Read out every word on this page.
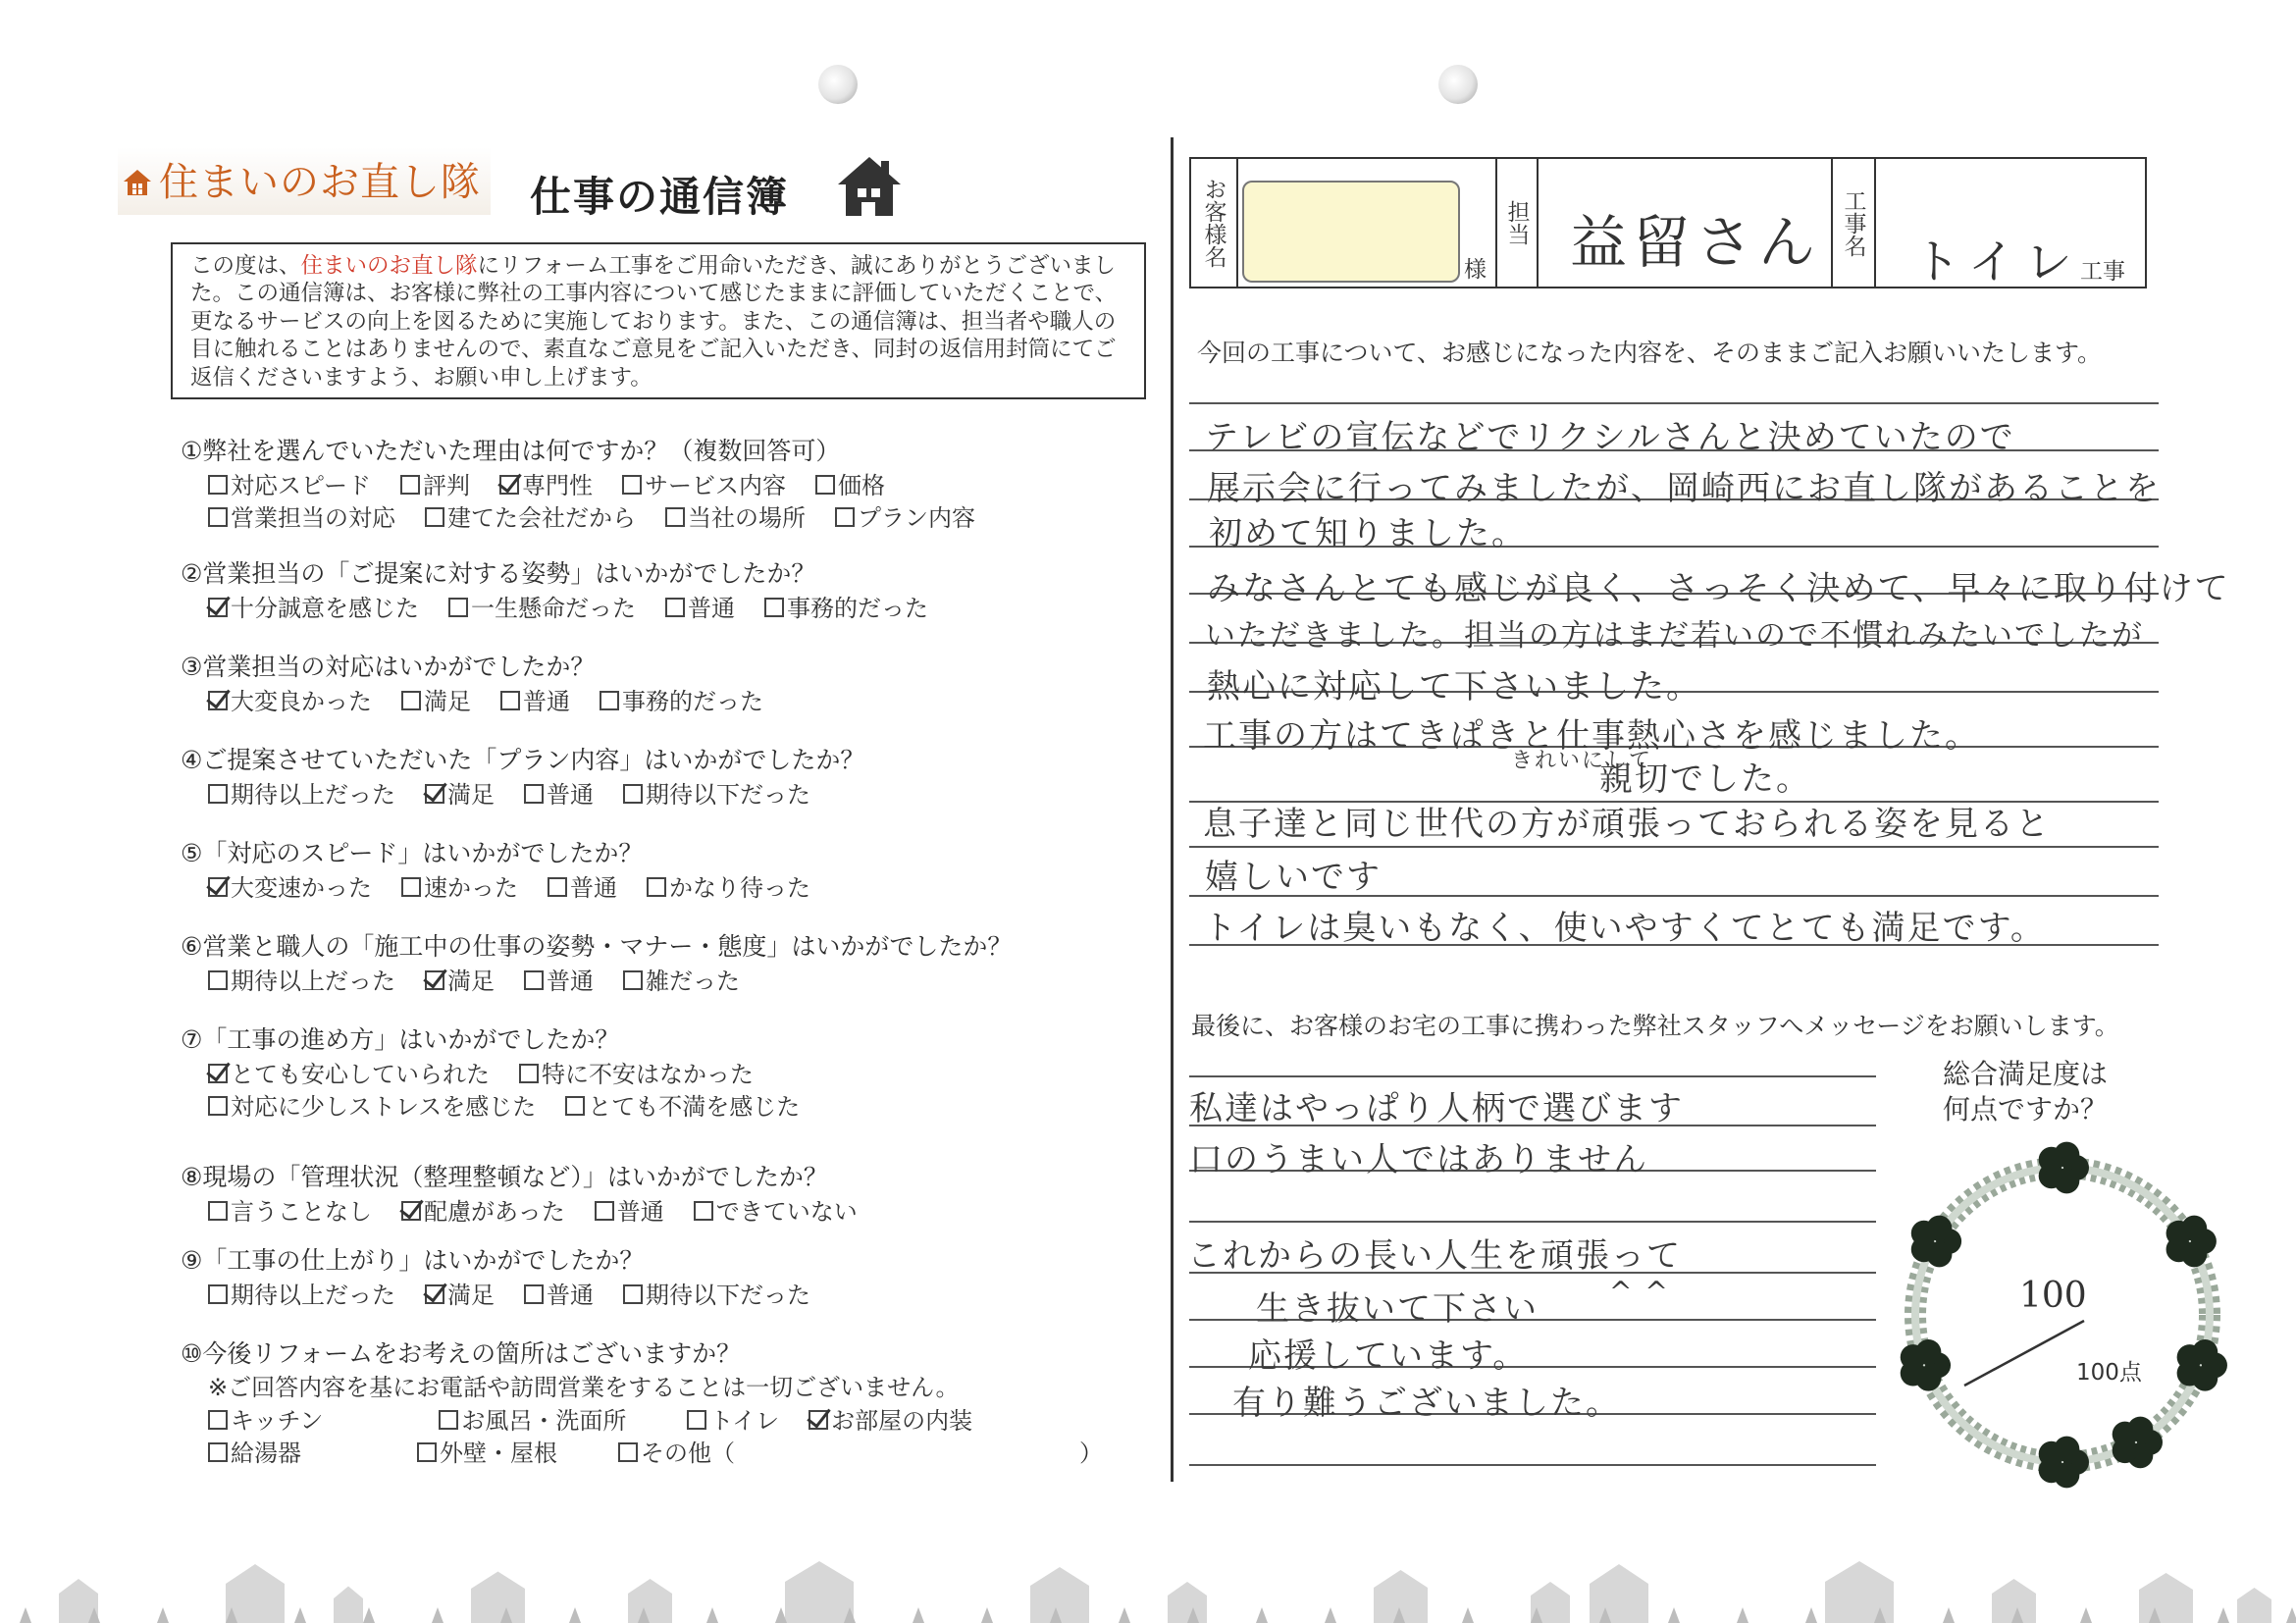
住まいのお直し隊 仕事の通信簿
この度は、住まいのお直し隊にリフォーム工事をご用命いただき、誠にありがとうございました。この通信簿は、お客様に弊社の工事内容について感じたままに評価していただくことで、更なるサービスの向上を図るために実施しております。また、この通信簿は、担当者や職人の目に触れることはありませんので、素直なご意見をご記入いただき、同封の返信用封筒にてご返信くださいますよう、お願い申し上げます。
①弊社を選んでいただいた理由は何ですか？（複数回答可）
対応スピード 評判 専門性 サービス内容 価格
営業担当の対応 建てた会社だから 当社の場所 プラン内容
②営業担当の「ご提案に対する姿勢」はいかがでしたか？
十分誠意を感じた 一生懸命だった 普通 事務的だった
③営業担当の対応はいかがでしたか？
大変良かった 満足 普通 事務的だった
④ご提案させていただいた「プラン内容」はいかがでしたか？
期待以上だった 満足 普通 期待以下だった
⑤「対応のスピード」はいかがでしたか？
大変速かった 速かった 普通 かなり待った
⑥営業と職人の「施工中の仕事の姿勢・マナー・態度」はいかがでしたか？
期待以上だった 満足 普通 雑だった
⑦「工事の進め方」はいかがでしたか？
とても安心していられた 特に不安はなかった
対応に少しストレスを感じた とても不満を感じた
⑧現場の「管理状況（整理整頓など）」はいかがでしたか？
言うことなし 配慮があった 普通 できていない
⑨「工事の仕上がり」はいかがでしたか？
期待以上だった 満足 普通 期待以下だった
⑩今後リフォームをお考えの箇所はございますか？
※ご回答内容を基にお電話や訪問営業をすることは一切ございません。
キッチン	お風呂・洗面所	トイレ お部屋の内装
給湯器	外壁・屋根	その他（	）
お客様名
様
担当 益留さん 工事名
トイレ
工事
今回の工事について、お感じになった内容を、そのままご記入お願いいたします。
テレビの宣伝などでリクシルさんと決めていたので
展示会に行ってみましたが、岡崎西にお直し隊があることを
初めて知りました。
みなさんとても感じが良く、さっそく決めて、早々に取り付けて
いただきました。担当の方はまだ若いので不慣れみたいでしたが
熱心に対応して下さいました。
工事の方はてきぱきと仕事熱心さを感じました。
親切でした。
息子達と同じ世代の方が頑張っておられる姿を見ると
嬉しいです
トイレは臭いもなく、使いやすくてとても満足です。
きれいにして
最後に、お客様のお宅の工事に携わった弊社スタッフへメッセージをお願いします。
私達はやっぱり人柄で選びます
口のうまい人ではありません
これからの長い人生を頑張って
生き抜いて下さい
応援しています。
有り難うございました。
^ ^
総合満足度は
何点ですか？
100
100点
